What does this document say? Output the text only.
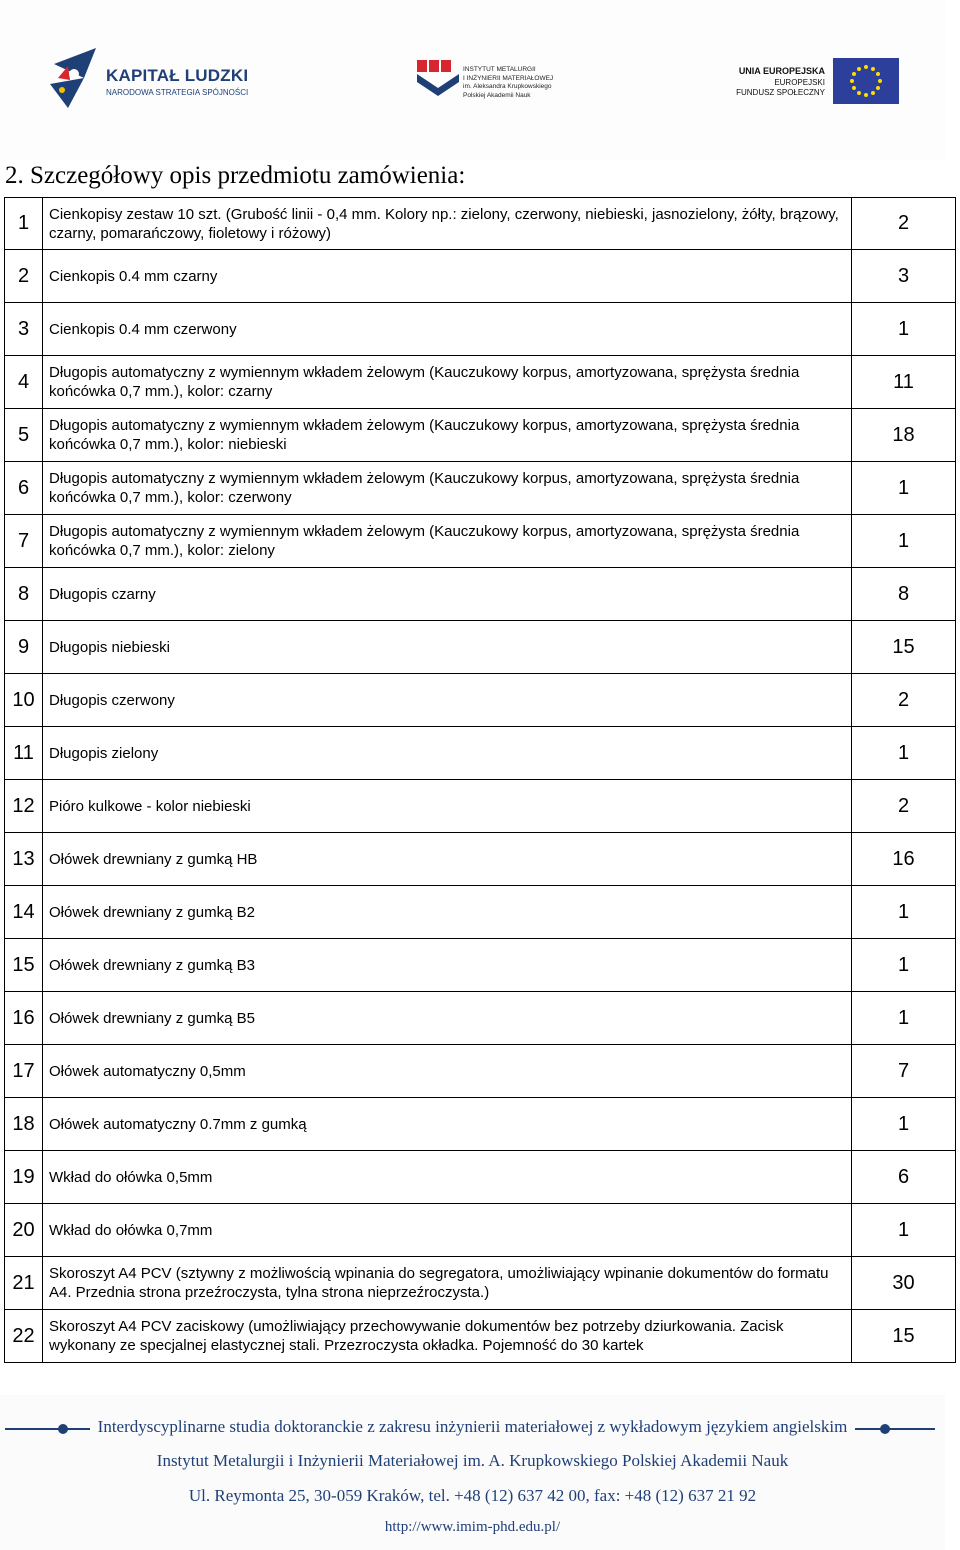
KAPITAŁ LUDZKI
NARODOWA STRATEGIA SPÓJNOŚCI
INSTYTUT METALURGII
I INŻYNIERII MATERIAŁOWEJ
im. Aleksandra Krupkowskiego
Polskiej Akademii Nauk
UNIA EUROPEJSKA
EUROPEJSKI
FUNDUSZ SPOŁECZNY
2. Szczegółowy opis przedmiotu zamówienia:
1	Cienkopisy zestaw 10 szt. (Grubość linii - 0,4 mm. Kolory np.: zielony, czerwony, niebieski, jasnozielony, żółty, brązowy, czarny, pomarańczowy, fioletowy i różowy)	2
2	Cienkopis 0.4 mm czarny	3
3	Cienkopis 0.4 mm czerwony	1
4	Długopis automatyczny z wymiennym wkładem żelowym (Kauczukowy korpus, amortyzowana, sprężysta średnia końcówka 0,7 mm.), kolor: czarny	11
5	Długopis automatyczny z wymiennym wkładem żelowym (Kauczukowy korpus, amortyzowana, sprężysta średnia końcówka 0,7 mm.), kolor: niebieski	18
6	Długopis automatyczny z wymiennym wkładem żelowym (Kauczukowy korpus, amortyzowana, sprężysta średnia końcówka 0,7 mm.), kolor: czerwony	1
7	Długopis automatyczny z wymiennym wkładem żelowym (Kauczukowy korpus, amortyzowana, sprężysta średnia końcówka 0,7 mm.), kolor: zielony	1
8	Długopis czarny	8
9	Długopis niebieski	15
10	Długopis czerwony	2
11	Długopis zielony	1
12	Pióro kulkowe - kolor niebieski	2
13	Ołówek drewniany z gumką HB	16
14	Ołówek drewniany z gumką B2	1
15	Ołówek drewniany z gumką B3	1
16	Ołówek drewniany z gumką B5	1
17	Ołówek automatyczny 0,5mm	7
18	Ołówek automatyczny 0.7mm z gumką	1
19	Wkład do ołówka 0,5mm	6
20	Wkład do ołówka 0,7mm	1
21	Skoroszyt A4 PCV (sztywny z możliwością wpinania do segregatora, umożliwiający wpinanie dokumentów do formatu A4. Przednia strona przeźroczysta, tylna strona nieprzeźroczysta.)	30
22	Skoroszyt A4 PCV zaciskowy (umożliwiający przechowywanie dokumentów bez potrzeby dziurkowania. Zacisk wykonany ze specjalnej elastycznej stali. Przezroczysta okładka. Pojemność do 30 kartek	15
Interdyscyplinarne studia doktoranckie z zakresu inżynierii materiałowej z wykładowym językiem angielskim
Instytut Metalurgii i Inżynierii Materiałowej im. A. Krupkowskiego Polskiej Akademii Nauk
Ul. Reymonta 25, 30-059 Kraków, tel. +48 (12) 637 42 00, fax: +48 (12) 637 21 92
http://www.imim-phd.edu.pl/
